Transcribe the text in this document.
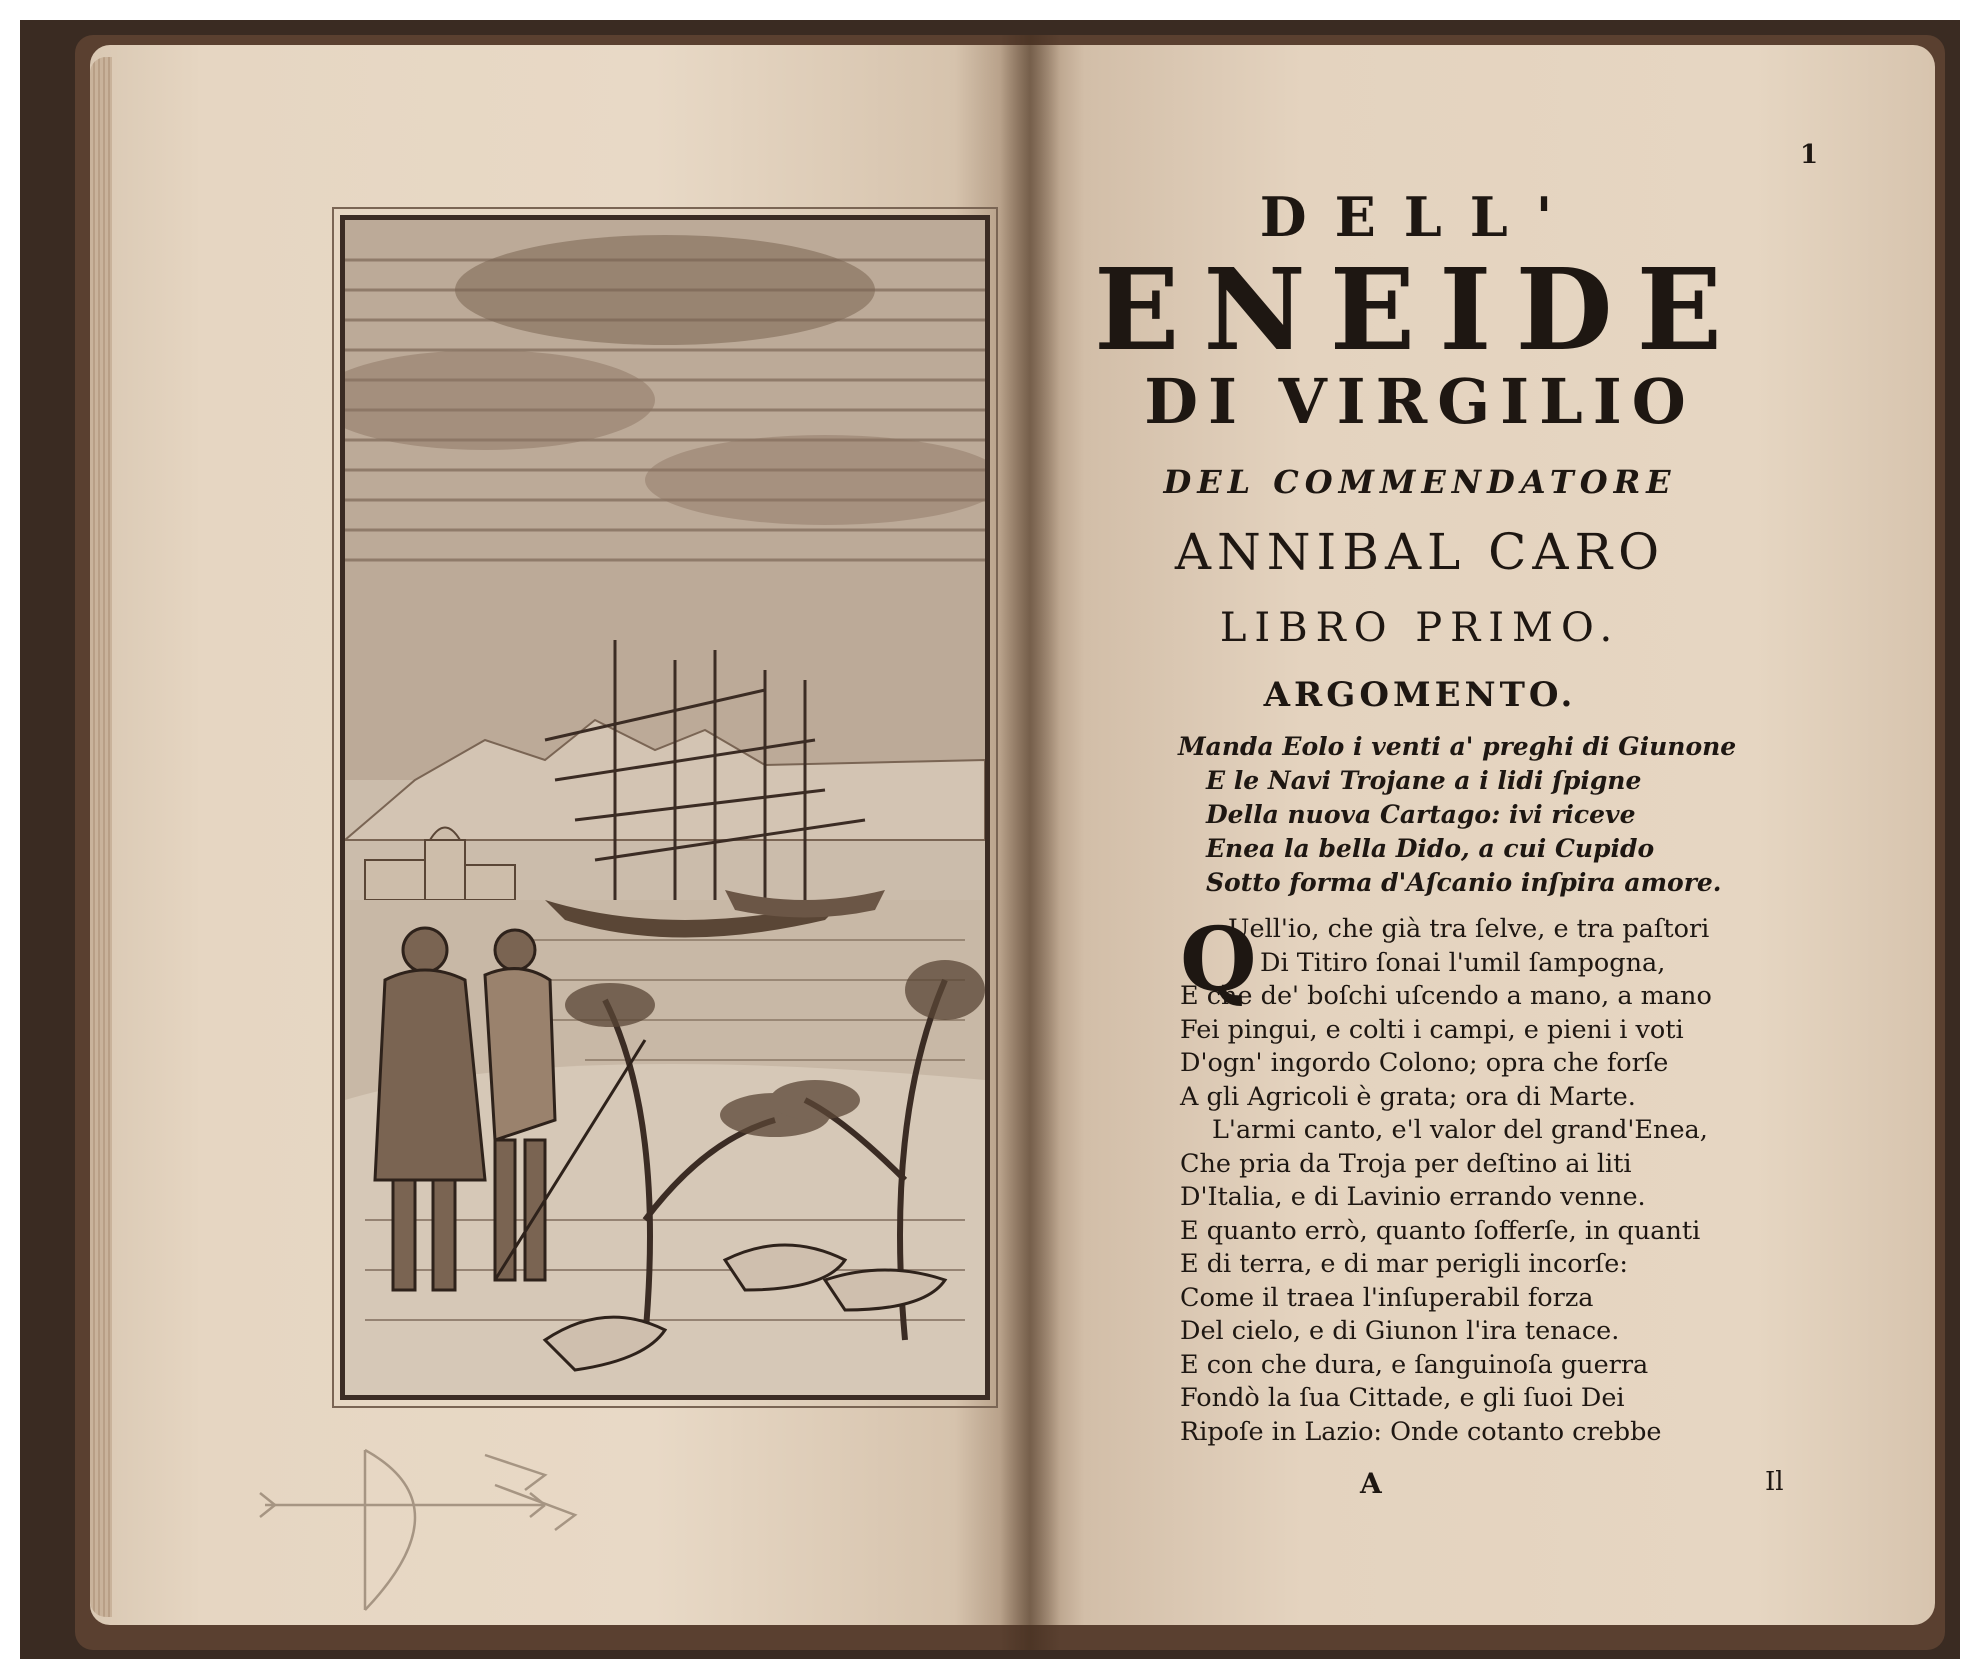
1
DELL'
ENEIDE
DI VIRGILIO
DEL COMMENDATORE
ANNIBAL CARO
LIBRO PRIMO.
ARGOMENTO.
Manda Eolo i venti a' preghi di Giunone
E le Navi Trojane a i lidi ſpigne
Della nuova Cartago: ivi riceve
Enea la bella Dido, a cui Cupido
Sotto forma d'Aſcanio inſpira amore.
Q
Uell'io, che già tra ſelve, e tra paſtori
Di Titiro ſonai l'umil ſampogna,
E che de' boſchi uſcendo a mano, a mano
Fei pingui, e colti i campi, e pieni i voti
D'ogn' ingordo Colono; opra che forſe
A gli Agricoli è grata; ora di Marte.
L'armi canto, e'l valor del grand'Enea,
Che pria da Troja per deſtino ai liti
D'Italia, e di Lavinio errando venne.
E quanto errò, quanto ſofferſe, in quanti
E di terra, e di mar perigli incorſe:
Come il traea l'inſuperabil forza
Del cielo, e di Giunon l'ira tenace.
E con che dura, e ſanguinoſa guerra
Fondò la ſua Cittade, e gli ſuoi Dei
Ripoſe in Lazio: Onde cotanto crebbe
A	Il
